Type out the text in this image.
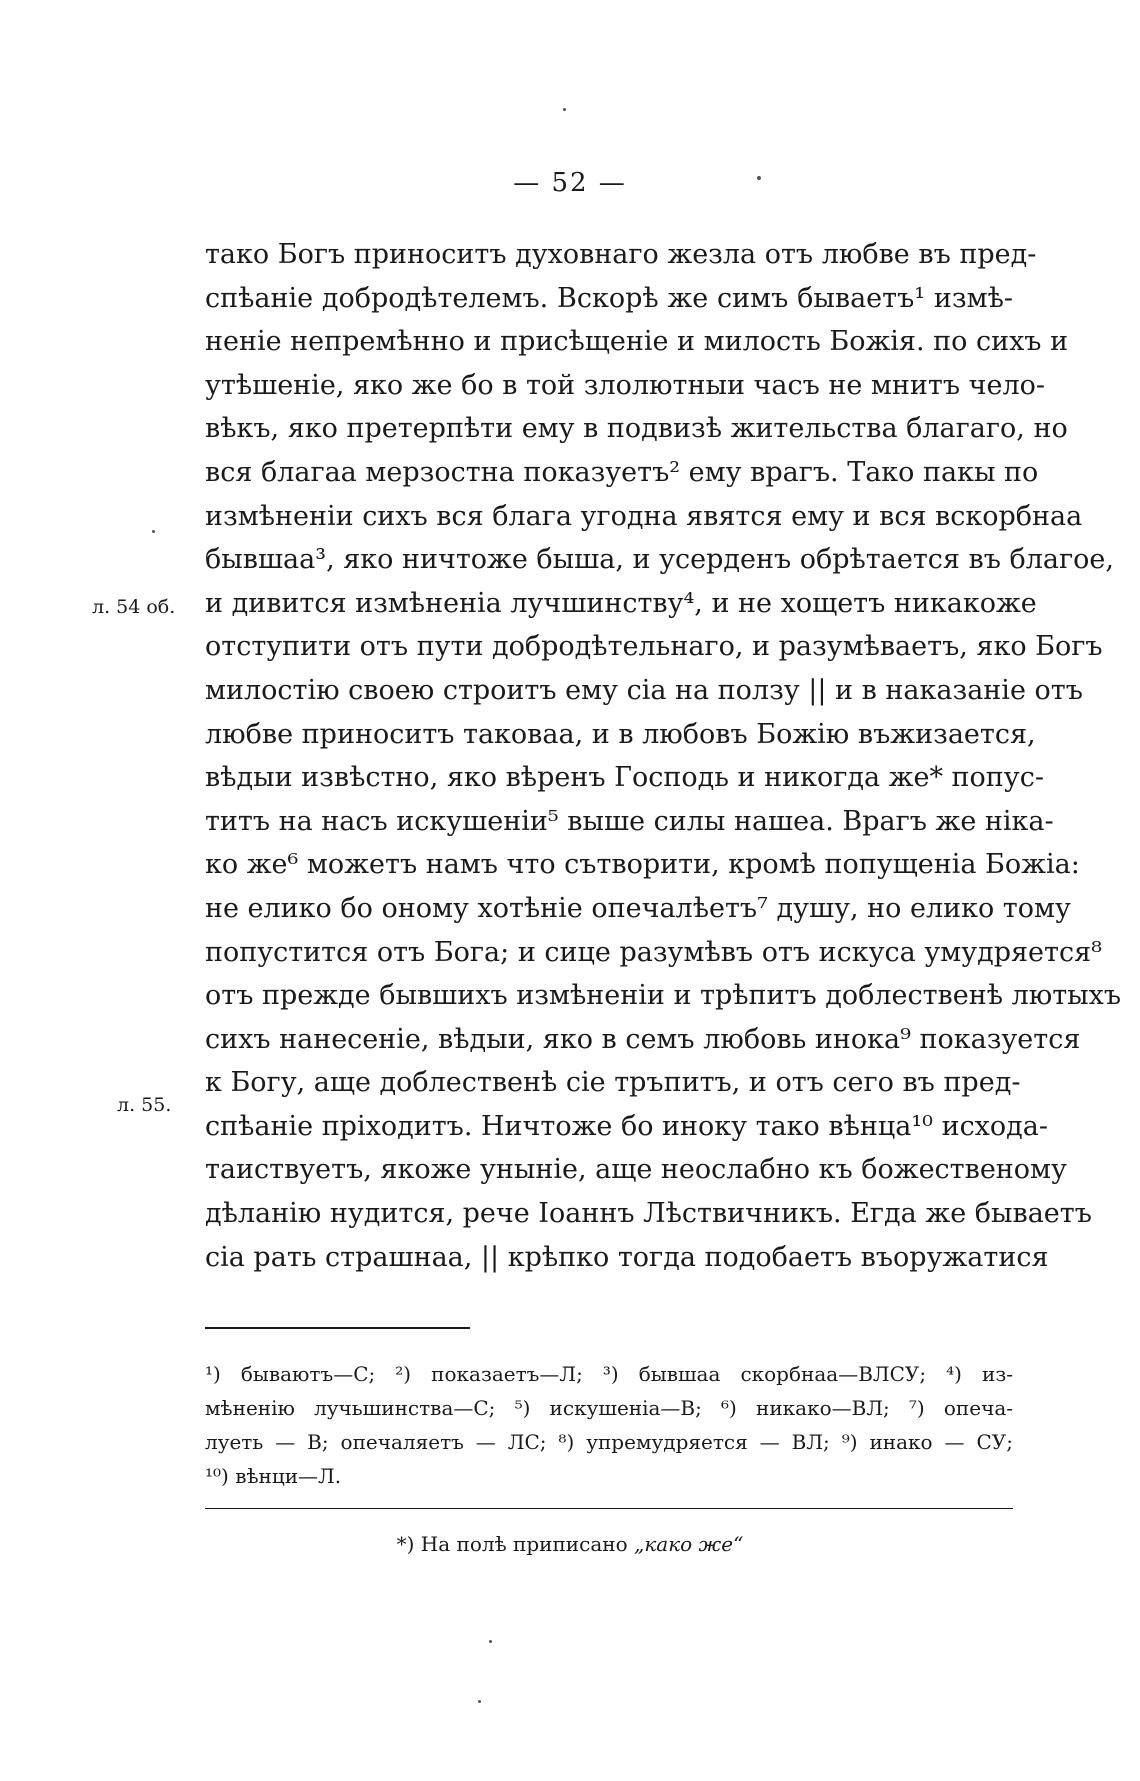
— 52 —
л. 54 об.
л. 55.
тако Богъ приноситъ духовнаго жезла отъ любве въ пред-
спѣаніе добродѣтелемъ. Вскорѣ же симъ бываетъ¹ измѣ-
неніе непремѣнно и присѣщеніе и милость Божія. по сихъ и
утѣшеніе, яко же бо в той злолютныи часъ не мнитъ чело-
вѣкъ, яко претерпѣти ему в подвизѣ жительства благаго, но
вся благаа мерзостна показуетъ² ему врагъ. Тако пакы по
измѣненіи сихъ вся блага угодна явятся ему и вся вскорбнаа
бывшаа³, яко ничтоже быша, и усерденъ обрѣтается въ благое,
и дивится измѣненіа лучшинству⁴, и не хощетъ никакоже
отступити отъ пути добродѣтельнаго, и разумѣваетъ, яко Богъ
милостію своею строитъ ему сіа на ползу || и в наказаніе отъ
любве приноситъ таковаа, и в любовъ Божію въжизается,
вѣдыи извѣстно, яко вѣренъ Господь и никогда же* попус-
титъ на насъ искушеніи⁵ выше силы нашеа. Врагъ же ніка-
ко же⁶ можетъ намъ что сътворити, кромѣ попущеніа Божіа:
не елико бо оному хотѣніе опечалѣетъ⁷ душу, но елико тому
попустится отъ Бога; и сице разумѣвъ отъ искуса умудряется⁸
отъ прежде бывшихъ измѣненіи и трѣпитъ доблественѣ лютыхъ
сихъ нанесеніе, вѣдыи, яко в семъ любовь инока⁹ показуется
к Богу, аще доблественѣ сіе тръпитъ, и отъ сего въ пред-
спѣаніе пріходитъ. Ничтоже бо иноку тако вѣнца¹⁰ исхода-
таиствуетъ, якоже уныніе, аще неослабно къ божественому
дѣланію нудится, рече Іоаннъ Лѣствичникъ. Егда же бываетъ
сіа рать страшнаа, || крѣпко тогда подобаетъ въоружатися
¹) бываютъ—С; ²) показаетъ—Л; ³) бывшаа скорбнаа—ВЛСУ; ⁴) из-
мѣненію лучьшинства—С; ⁵) искушеніа—В; ⁶) никако—ВЛ; ⁷) опеча-
луеть — В; опечаляетъ — ЛС; ⁸) упремудряется — ВЛ; ⁹) инако — СУ;
¹⁰) вѣнци—Л.
*) На полѣ приписано „како же“
